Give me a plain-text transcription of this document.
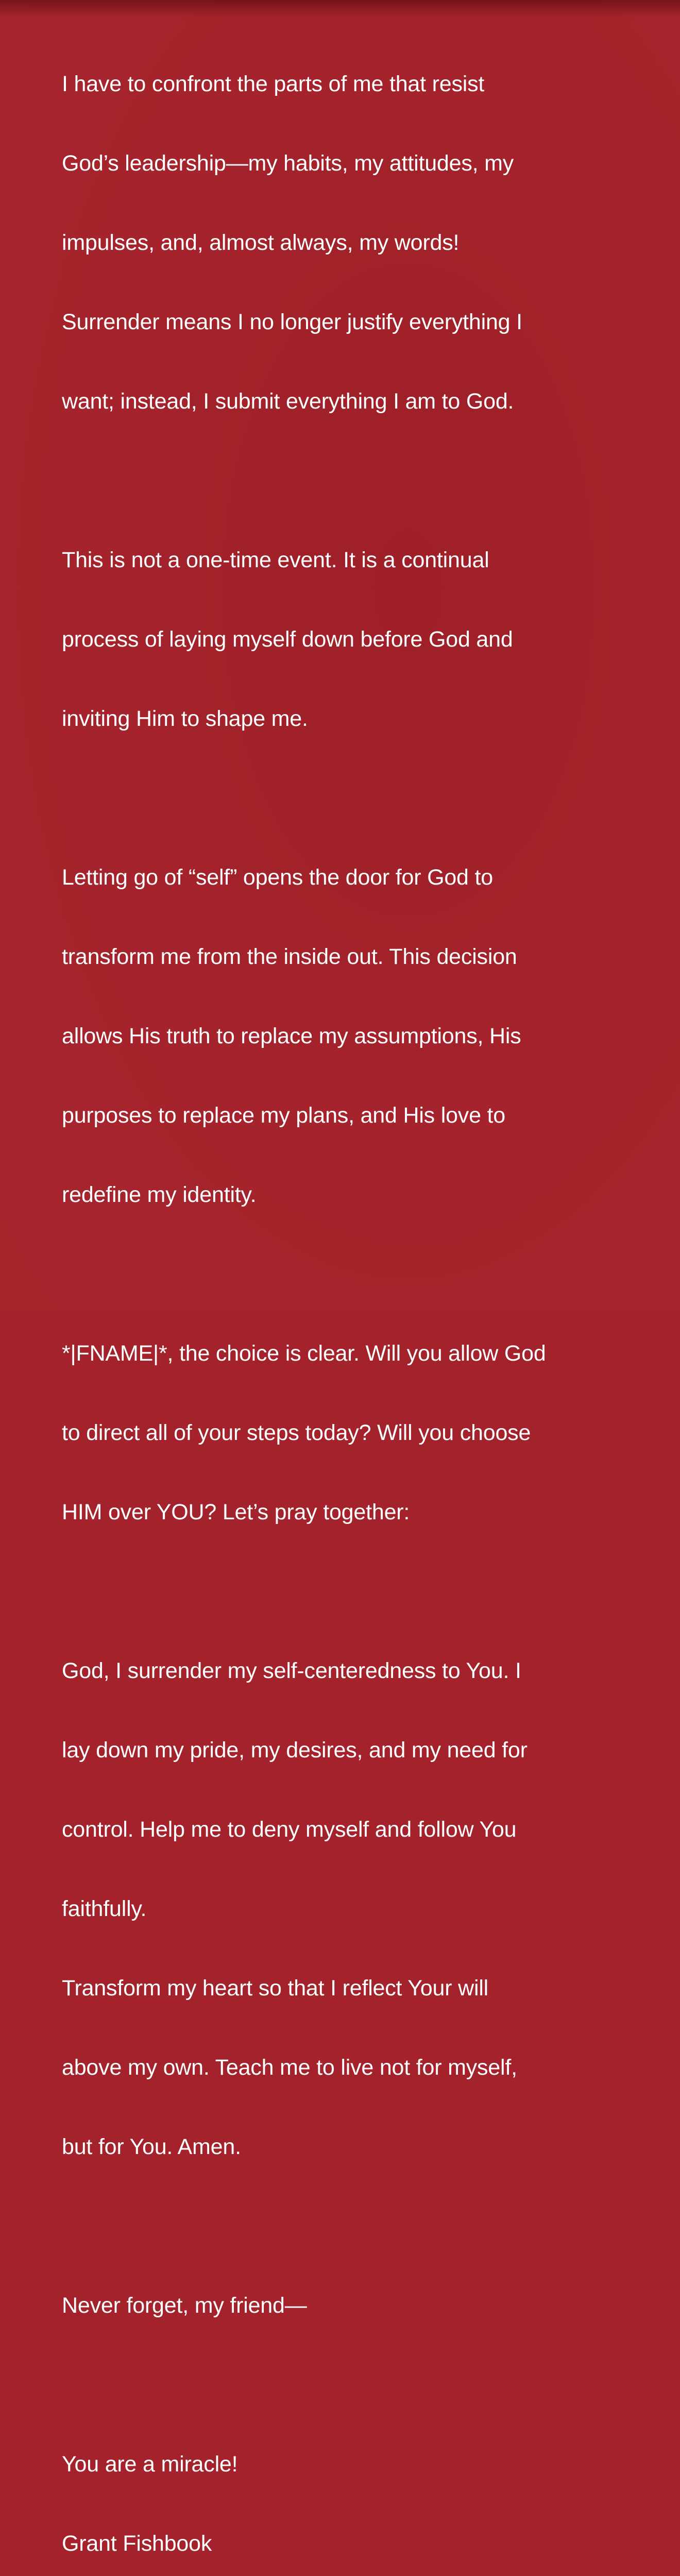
I have to confront the parts of me that resist

God’s leadership—my habits, my attitudes, my

impulses, and, almost always, my words!

Surrender means I no longer justify everything I

want; instead, I submit everything I am to God.

This is not a one-time event. It is a continual

process of laying myself down before God and

inviting Him to shape me.

Letting go of “self” opens the door for God to

transform me from the inside out. This decision

allows His truth to replace my assumptions, His

purposes to replace my plans, and His love to

redefine my identity.

*|FNAME|*, the choice is clear. Will you allow God

to direct all of your steps today? Will you choose

HIM over YOU? Let’s pray together:

God, I surrender my self-centeredness to You. I

lay down my pride, my desires, and my need for

control. Help me to deny myself and follow You

faithfully.

Transform my heart so that I reflect Your will

above my own. Teach me to live not for myself,

but for You. Amen.

Never forget, my friend—

You are a miracle!

Grant Fishbook
